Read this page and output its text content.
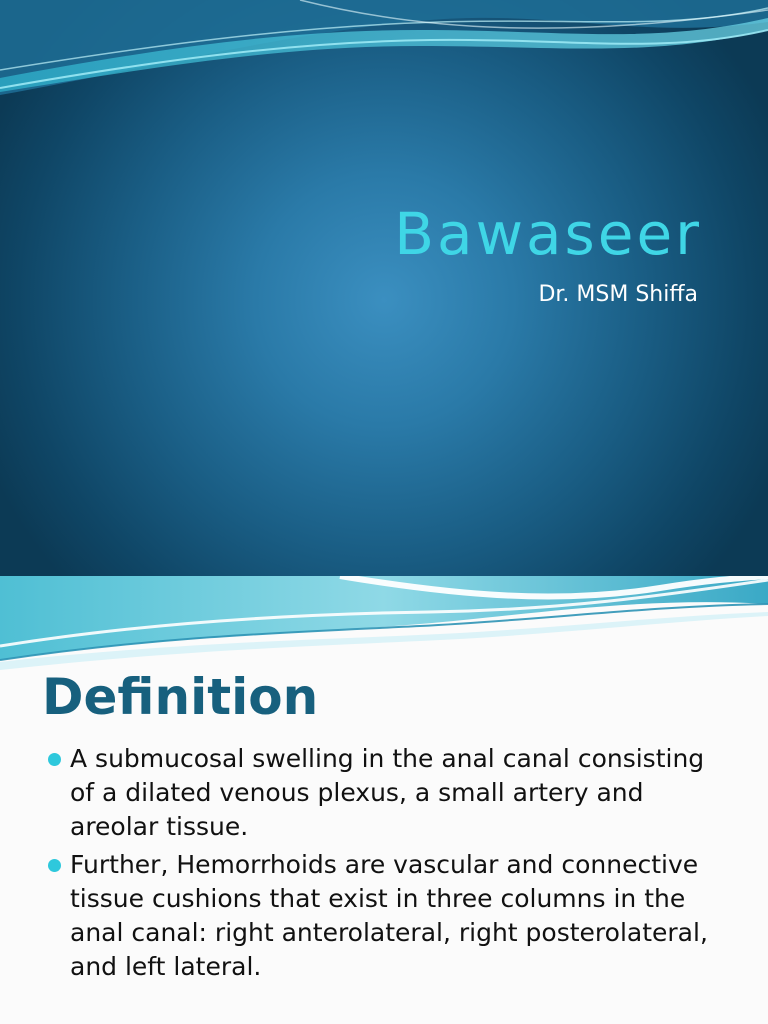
Bawaseer

Dr. MSM Shiffa

Definition
A submucosal swelling in the anal canal consisting of a dilated venous plexus, a small artery and areolar tissue.
Further, Hemorrhoids are vascular and connective tissue cushions that exist in three columns in the anal canal: right anterolateral, right posterolateral, and left lateral.
